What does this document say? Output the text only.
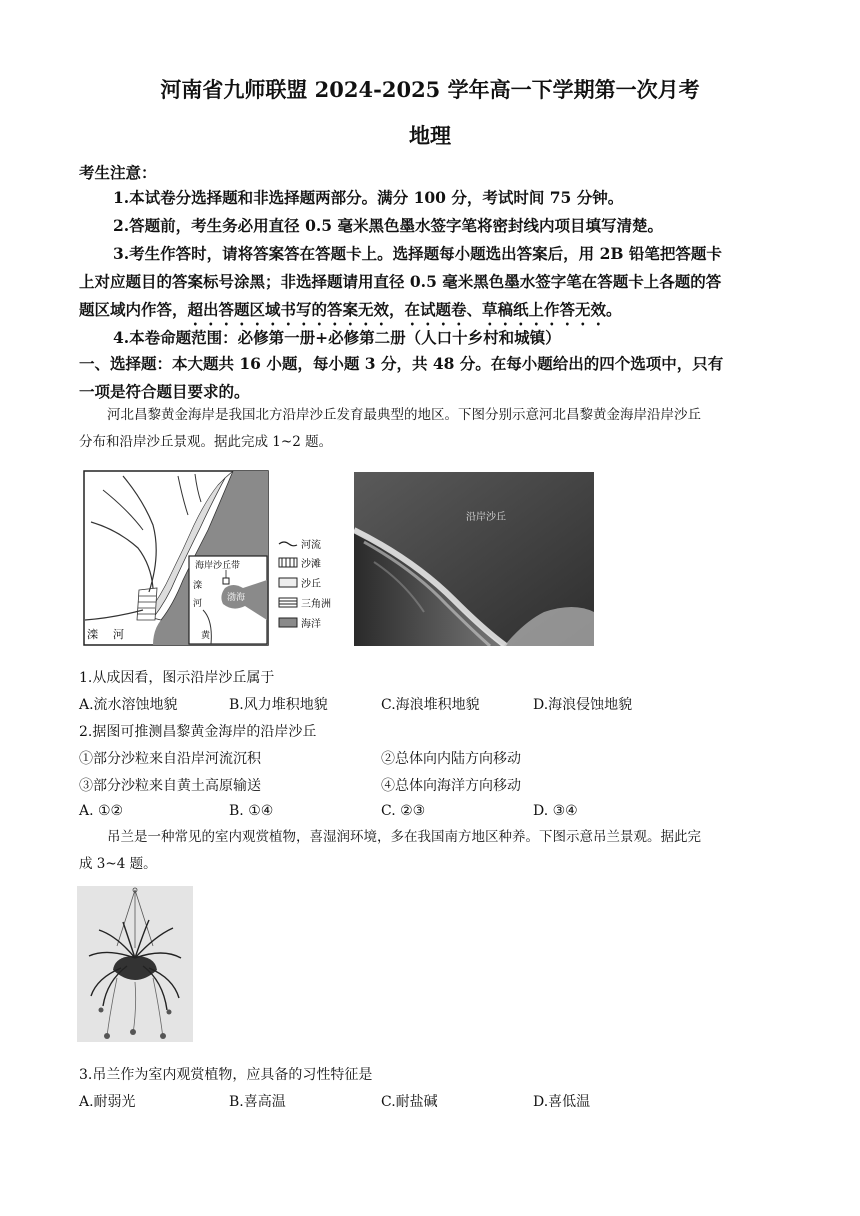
河南省九师联盟 2024-2025 学年高一下学期第一次月考
地理
考生注意：
1.本试卷分选择题和非选择题两部分。满分 100 分，考试时间 75 分钟。
2.答题前，考生务必用直径 0.5 毫米黑色墨水签字笔将密封线内项目填写清楚。
3.考生作答时，请将答案答在答题卡上。选择题每小题选出答案后，用 2B 铅笔把答题卡
上对应题目的答案标号涂黑；非选择题请用直径 0.5 毫米黑色墨水签字笔在答题卡上各题的答
题区域内作答，超出答题区域书写的答案无效，在试题卷、草稿纸上作答无效。
4.本卷命题范围：必修第一册+必修第二册（人口十乡村和城镇）
一、选择题：本大题共 16 小题，每小题 3 分，共 48 分。在每小题给出的四个选项中，只有
一项是符合题目要求的。
河北昌黎黄金海岸是我国北方沿岸沙丘发育最典型的地区。下图分别示意河北昌黎黄金海岸沿岸沙丘
分布和沿岸沙丘景观。据此完成 1~2 题。
滦 河
海岸沙丘带
滦
河
渤海
黄
河流
沙滩
沙丘
三角洲
海洋
沿岸沙丘
1.从成因看，图示沿岸沙丘属于
A.流水溶蚀地貌	B.风力堆积地貌	C.海浪堆积地貌	D.海浪侵蚀地貌
2.据图可推测昌黎黄金海岸的沿岸沙丘
①部分沙粒来自沿岸河流沉积	②总体向内陆方向移动
③部分沙粒来自黄土高原输送	④总体向海洋方向移动
A. ①②	B. ①④	C. ②③	D. ③④
吊兰是一种常见的室内观赏植物，喜湿润环境，多在我国南方地区种养。下图示意吊兰景观。据此完
成 3~4 题。
3.吊兰作为室内观赏植物，应具备的习性特征是
A.耐弱光	B.喜高温	C.耐盐碱	D.喜低温
